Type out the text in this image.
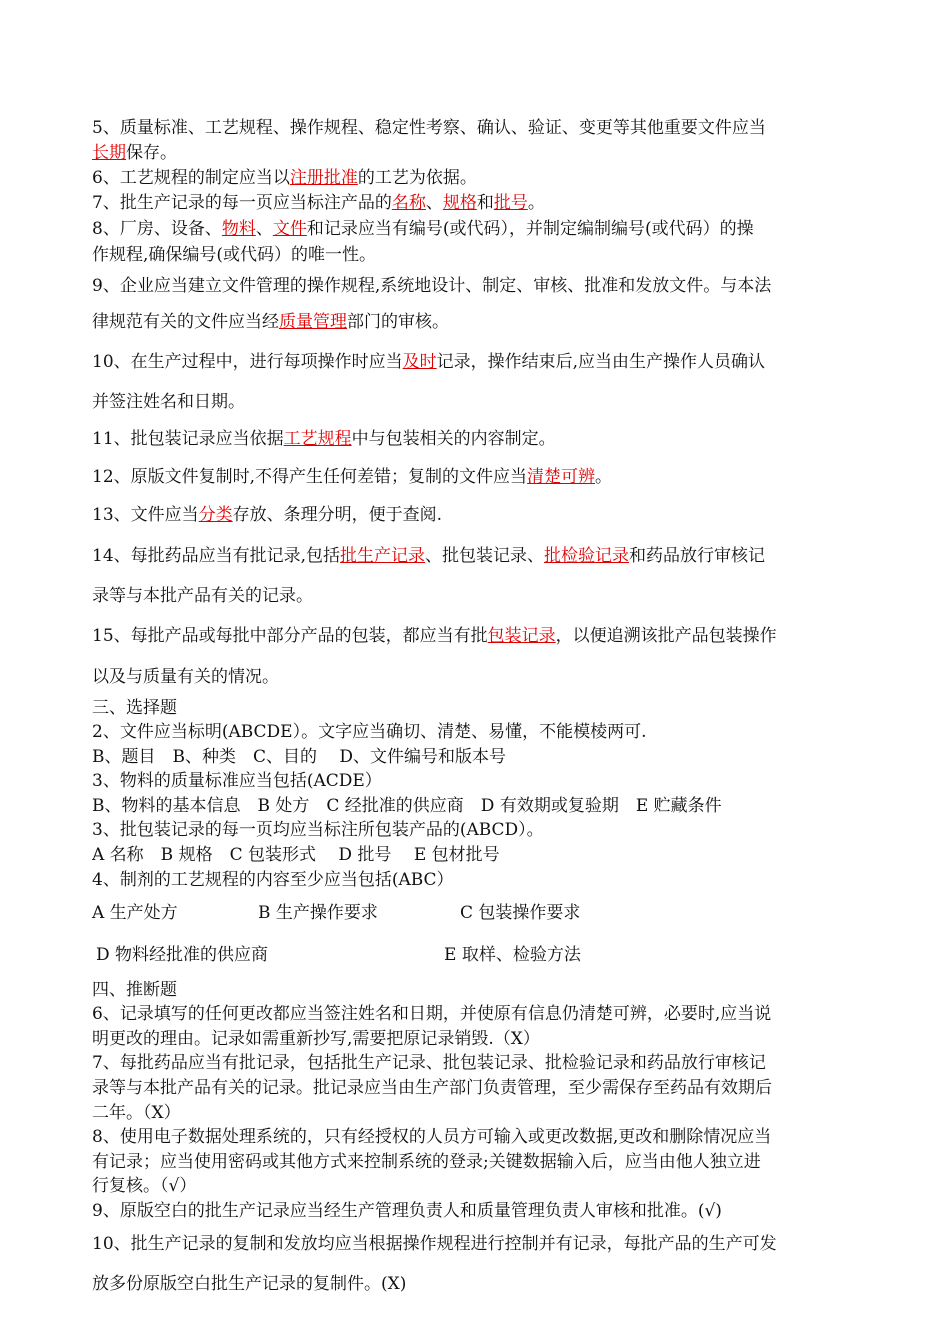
5、质量标准、工艺规程、操作规程、稳定性考察、确认、验证、变更等其他重要文件应当
长期保存。
6、工艺规程的制定应当以注册批准的工艺为依据。
7、批生产记录的每一页应当标注产品的名称、规格和批号。
8、厂房、设备、物料、文件和记录应当有编号(或代码），并制定编制编号(或代码）的操
作规程,确保编号(或代码）的唯一性。
9、企业应当建立文件管理的操作规程,系统地设计、制定、审核、批准和发放文件。与本法
律规范有关的文件应当经质量管理部门的审核。
10、在生产过程中，进行每项操作时应当及时记录，操作结束后,应当由生产操作人员确认
并签注姓名和日期。
11、批包装记录应当依据工艺规程中与包装相关的内容制定。
12、原版文件复制时,不得产生任何差错；复制的文件应当清楚可辨。
13、文件应当分类存放、条理分明，便于查阅.
14、每批药品应当有批记录,包括批生产记录、批包装记录、批检验记录和药品放行审核记
录等与本批产品有关的记录。
15、每批产品或每批中部分产品的包装，都应当有批包装记录，以便追溯该批产品包装操作
以及与质量有关的情况。
三、选择题
2、文件应当标明(ABCDE）。文字应当确切、清楚、易懂，不能模棱两可.
B、题目　B、种类　C、目的　 D、文件编号和版本号
3、物料的质量标准应当包括(ACDE）
B、物料的基本信息　B 处方　C 经批准的供应商　D 有效期或复验期　E 贮藏条件
3、批包装记录的每一页均应当标注所包装产品的(ABCD）。
A 名称　B 规格　C 包装形式　 D 批号　 E 包材批号
4、制剂的工艺规程的内容至少应当包括(ABC）
A 生产处方	B 生产操作要求	C 包装操作要求
D 物料经批准的供应商	E 取样、检验方法
四、推断题
6、记录填写的任何更改都应当签注姓名和日期，并使原有信息仍清楚可辨，必要时,应当说
明更改的理由。记录如需重新抄写,需要把原记录销毁.（X）
7、每批药品应当有批记录，包括批生产记录、批包装记录、批检验记录和药品放行审核记
录等与本批产品有关的记录。批记录应当由生产部门负责管理，至少需保存至药品有效期后
二年。（X）
8、使用电子数据处理系统的，只有经授权的人员方可输入或更改数据,更改和删除情况应当
有记录；应当使用密码或其他方式来控制系统的登录;关键数据输入后，应当由他人独立进
行复核。（√）
9、原版空白的批生产记录应当经生产管理负责人和质量管理负责人审核和批准。(√)
10、批生产记录的复制和发放均应当根据操作规程进行控制并有记录，每批产品的生产可发
放多份原版空白批生产记录的复制件。(X)
